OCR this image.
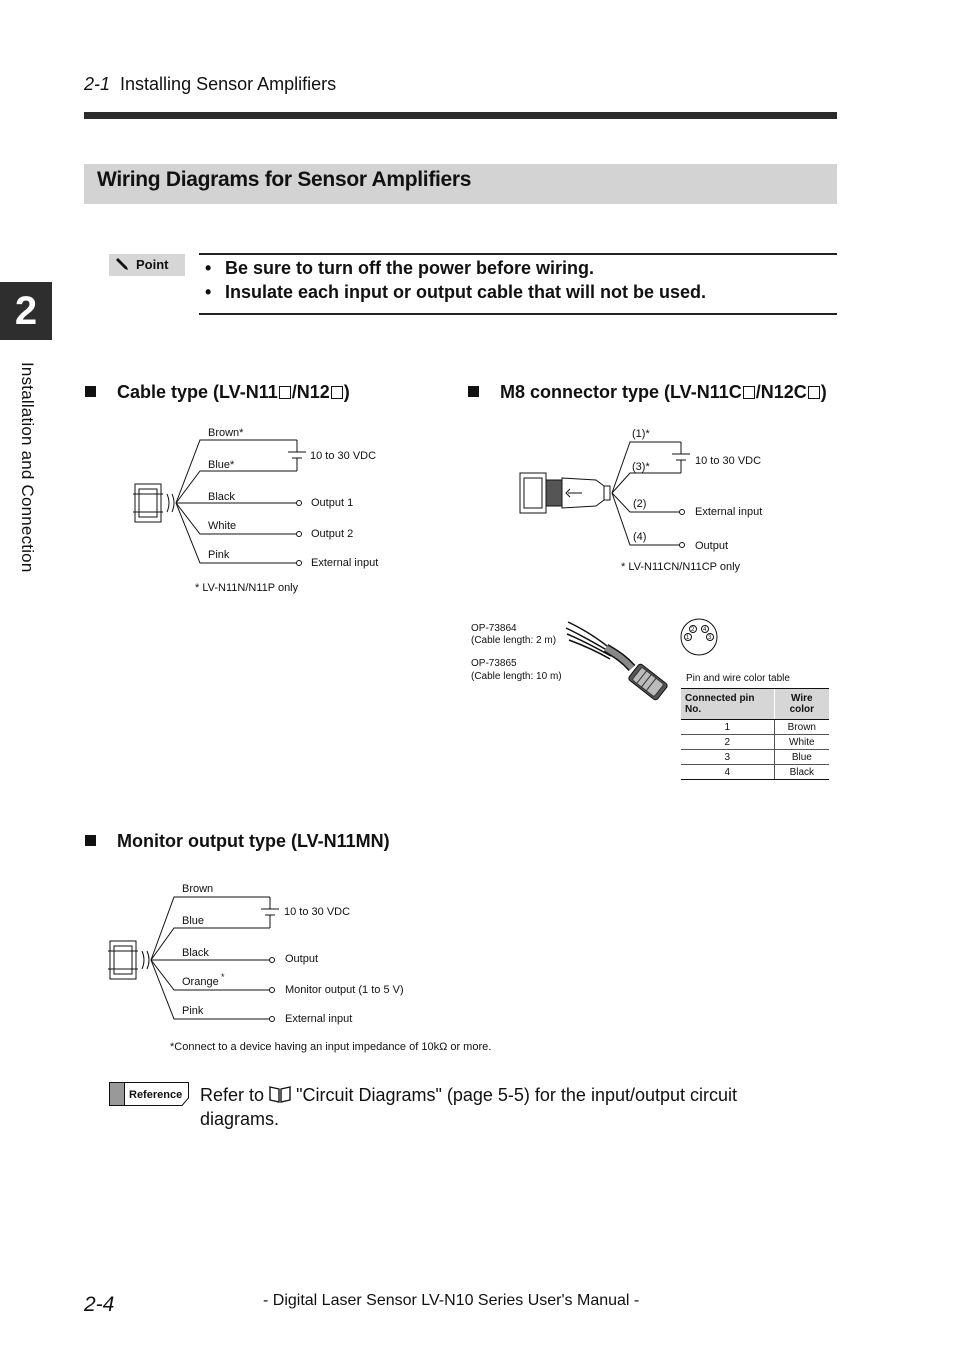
2-1 Installing Sensor Amplifiers
Wiring Diagrams for Sensor Amplifiers
2
Installation and Connection
Point • Be sure to turn off the power before wiring.
• Insulate each input or output cable that will not be used.
Cable type (LV-N11 /N12 )	M8 connector type (LV-N11C /N12C )
Monitor output type (LV-N11MN)
Brown*
Blue*
Black
White
Pink
10 to 30 VDC
Output 1
Output 2
External input
* LV-N11N/N11P only
(1)*
(3)*
(2)
(4)
10 to 30 VDC
External input
Output
* LV-N11CN/N11CP only
OP-73864
(Cable length: 2 m)
OP-73865
(Cable length: 10 m)
2 4
1	3
Pin and wire color table
Brown
Blue
Black
Orange *
Pink
10 to 30 VDC
Output
Monitor output (1 to 5 V)
External input
*Connect to a device having an input impedance of 10kΩ or more.
Connected pin No.	Wire color
1	Brown
2	White
3	Blue
4	Black
Reference Refer to "Circuit Diagrams" (page 5-5) for the input/output circuit diagrams.
2-4	- Digital Laser Sensor LV-N10 Series User's Manual -
